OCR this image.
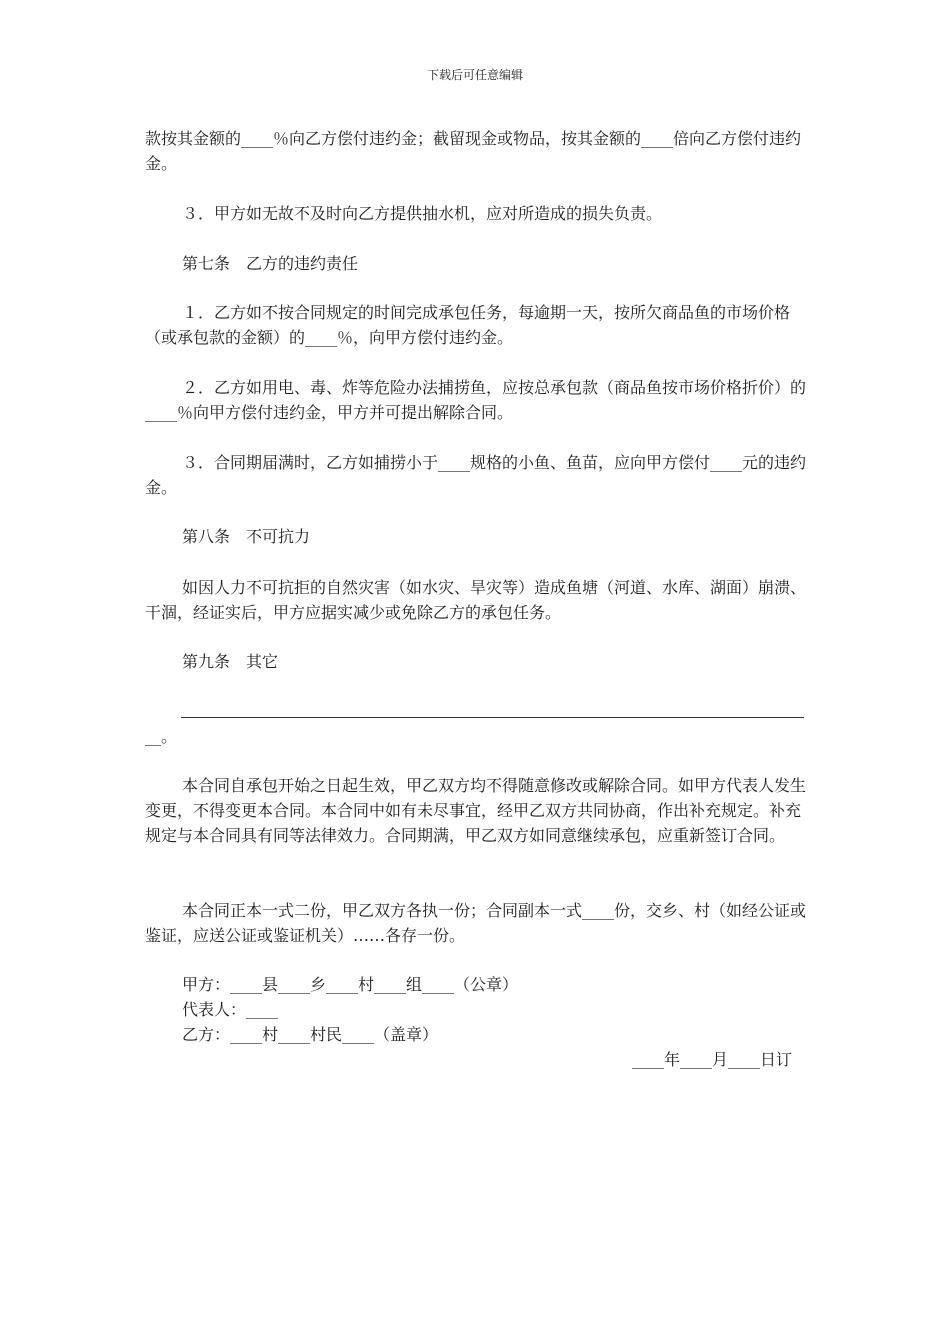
下载后可任意编辑
款按其金额的____％向乙方偿付违约金；截留现金或物品，按其金额的____倍向乙方偿付违约金。
３．甲方如无故不及时向乙方提供抽水机，应对所造成的损失负责。
第七条　乙方的违约责任
１．乙方如不按合同规定的时间完成承包任务，每逾期一天，按所欠商品鱼的市场价格（或承包款的金额）的____％，向甲方偿付违约金。
２．乙方如用电、毒、炸等危险办法捕捞鱼，应按总承包款（商品鱼按市场价格折价）的____％向甲方偿付违约金，甲方并可提出解除合同。
３．合同期届满时，乙方如捕捞小于____规格的小鱼、鱼苗，应向甲方偿付____元的违约金。
第八条　不可抗力
如因人力不可抗拒的自然灾害（如水灾、旱灾等）造成鱼塘（河道、水库、湖面）崩溃、干涸，经证实后，甲方应据实减少或免除乙方的承包任务。
第九条　其它
__。
本合同自承包开始之日起生效，甲乙双方均不得随意修改或解除合同。如甲方代表人发生变更，不得变更本合同。本合同中如有未尽事宜，经甲乙双方共同协商，作出补充规定。补充规定与本合同具有同等法律效力。合同期满，甲乙双方如同意继续承包，应重新签订合同。
本合同正本一式二份，甲乙双方各执一份；合同副本一式____份，交乡、村（如经公证或鉴证，应送公证或鉴证机关）……各存一份。
甲方：____县____乡____村____组____（公章）
代表人：____
乙方：____村____村民____（盖章）
____年____月____日订
